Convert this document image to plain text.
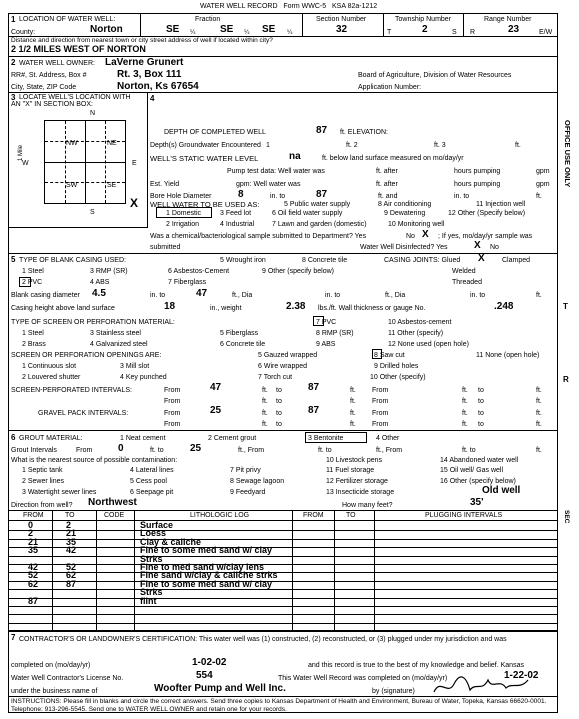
WATER WELL RECORD Form WWC-5 KSA 82a-1212
1 LOCATION OF WATER WELL:
County:	Norton
Fraction
SE ¼ SE ¼ SE ¼
Section Number
32
Township Number
T	2	S
Range Number
R	23	E/W
Distance and direction from nearest town or city street address of well if located within city?
2 1/2 MILES WEST OF NORTON
2 WATER WELL OWNER: LaVerne Grunert
RR#, St. Address, Box #	Rt. 3, Box 111
City, State, ZIP Code	Norton, Ks 67654
Board of Agriculture, Division of Water Resources
Application Number:
3 LOCATE WELL'S LOCATION WITH
AN "X" IN SECTION BOX:
N
S
W	E
NW	NE
SW	SE
1 Mile
X
4
DEPTH OF COMPLETED WELL	87 ft. ELEVATION:
Depth(s) Groundwater Encountered 1	ft. 2	ft. 3	ft.
WELL'S STATIC WATER LEVEL	na	ft. below land surface measured on mo/day/yr
Pump test data: Well water was	ft. after	hours pumping	gpm
Est. Yield	gpm: Well water was	ft. after	hours pumping	gpm
Bore Hole Diameter	8	in. to	87	ft. and	in. to	ft.
WELL WATER TO BE USED AS:	5 Public water supply	8 Air conditioning	11 Injection well
1 Domestic	3 Feed lot	6 Oil field water supply	9 Dewatering	12 Other (Specify below)
2 Irrigation	4 Industrial	7 Lawn and garden (domestic)	10 Monitoring well
Was a chemical/bacteriological sample submitted to Department? Yes	No X ; If yes, mo/day/yr sample was
submitted	Water Well Disinfected? Yes	X No
5 TYPE OF BLANK CASING USED:	5 Wrought iron	8 Concrete tile	CASING JOINTS: Glued X Clamped
1 Steel	3 RMP (SR)	6 Asbestos-Cement	9 Other (specify below)	Welded
2 PVC	4 ABS	7 Fiberglass	Threaded
Blank casing diameter 4.5	in. to	47	ft., Dia	in. to	ft., Dia	in. to	ft.
Casing height above land surface	18	in., weight	2.38 lbs./ft. Wall thickness or gauge No.	.248
TYPE OF SCREEN OR PERFORATION MATERIAL:	7 PVC	10 Asbestos-cement
1 Steel	3 Stainless steel	5 Fiberglass	8 RMP (SR)	11 Other (specify)
2 Brass	4 Galvanized steel	6 Concrete tile	9 ABS	12 None used (open hole)
SCREEN OR PERFORATION OPENINGS ARE:	5 Gauzed wrapped	8 Saw cut	11 None (open hole)
1 Continuous slot	3 Mill slot	6 Wire wrapped	9 Drilled holes
2 Louvered shutter	4 Key punched	7 Torch cut	10 Other (specify)
SCREEN-PERFORATED INTERVALS:	From	47	ft. to	87	ft. From	ft. to	ft.
From	ft. to	ft. From	ft. to	ft.
GRAVEL PACK INTERVALS:	From	25	ft. to	87	ft. From	ft. to	ft.
From	ft. to	ft. From	ft. to	ft.
6 GROUT MATERIAL:	1 Neat cement	2 Cement grout	3 Bentonite	4 Other
Grout Intervals	From	0	ft. to	25	ft., From	ft. to	ft., From	ft. to	ft.
What is the nearest source of possible contamination:	10 Livestock pens	14 Abandoned water well
1 Septic tank	4 Lateral lines	7 Pit privy	11 Fuel storage	15 Oil well/ Gas well
2 Sewer lines	5 Cess pool	8 Sewage lagoon	12 Fertilizer storage	16 Other (specify below)
3 Watertight sewer lines	6 Seepage pit	9 Feedyard	13 Insecticide storage	Old well
Direction from well? Northwest	How many feet?	35'
FROM	TO	CODE	LITHOLOGIC LOG	FROM	TO	PLUGGING INTERVALS
0	2	Surface
2	21	Loess
21	35	Clay & caliche
35	42	Fine to some med sand w/ clay
Strks
42	52	Fine to med sand w/clay lens
52	62	Fine sand w/clay & caliche strks
62	87	Fine to some med sand w/ clay
Strks
87	flint
7 CONTRACTOR'S OR LANDOWNER'S CERTIFICATION: This water well was (1) constructed, (2) reconstructed, or (3) plugged under my jurisdiction and was
completed on (mo/day/yr)	1-02-02	and this record is true to the best of my knowledge and belief. Kansas
Water Well Contractor's License No.	554	This Water Well Record was completed on (mo/day/yr)	1-22-02
under the business name of	Woofter Pump and Well Inc.	by (signature)
INSTRUCTIONS: Please fill in blanks and circle the correct answers. Send three copies to Kansas Department of Health and Environment, Bureau of Water, Topeka, Kansas 66620-0001. Telephone: 913-296-5545. Send one to WATER WELL OWNER and retain one for your records.
OFFICE USE ONLY
T
R
SEC
